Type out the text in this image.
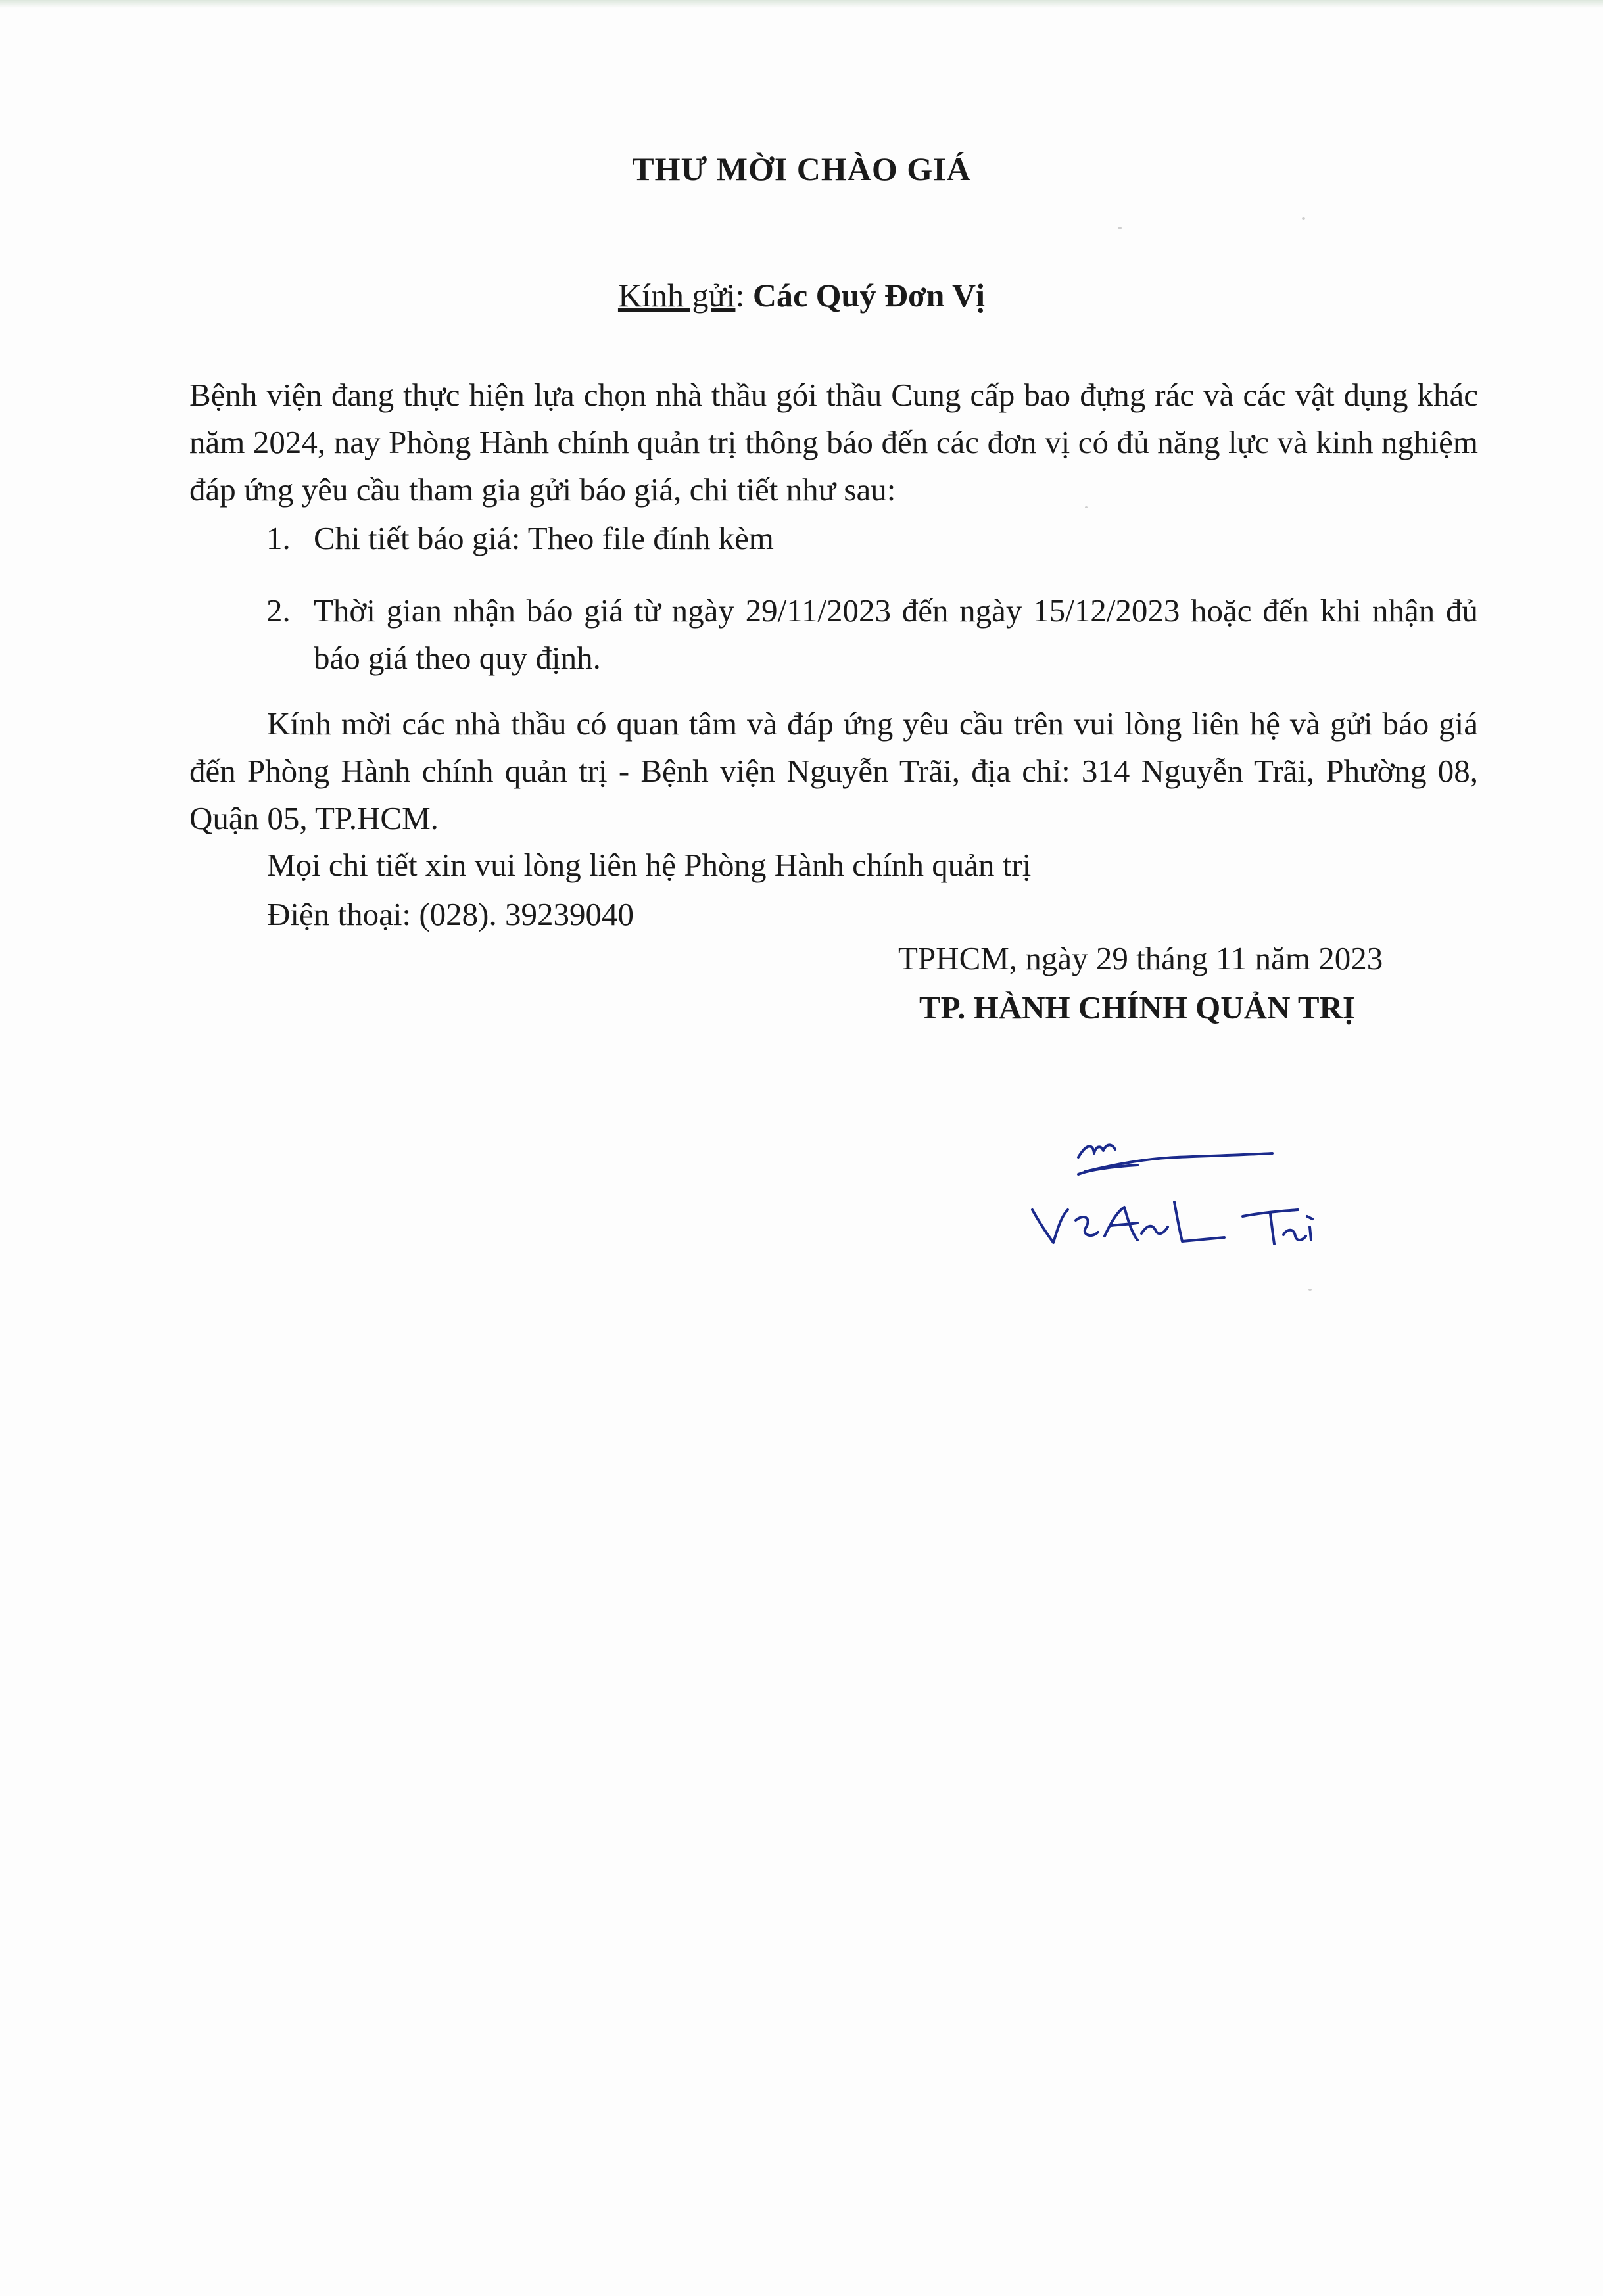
THƯ MỜI CHÀO GIÁ
Kính gửi: Các Quý Đơn Vị
Bệnh viện đang thực hiện lựa chọn nhà thầu gói thầu Cung cấp bao đựng rác và các vật dụng khác năm 2024, nay Phòng Hành chính quản trị thông báo đến các đơn vị có đủ năng lực và kinh nghiệm đáp ứng yêu cầu tham gia gửi báo giá, chi tiết như sau:
1. Chi tiết báo giá: Theo file đính kèm
2. Thời gian nhận báo giá từ ngày 29/11/2023 đến ngày 15/12/2023 hoặc đến khi nhận đủ báo giá theo quy định.
Kính mời các nhà thầu có quan tâm và đáp ứng yêu cầu trên vui lòng liên hệ và gửi báo giá đến Phòng Hành chính quản trị - Bệnh viện Nguyễn Trãi, địa chỉ: 314 Nguyễn Trãi, Phường 08, Quận 05, TP.HCM.
Mọi chi tiết xin vui lòng liên hệ Phòng Hành chính quản trị
Điện thoại: (028). 39239040
TPHCM, ngày 29 tháng 11 năm 2023
TP. HÀNH CHÍNH QUẢN TRỊ
